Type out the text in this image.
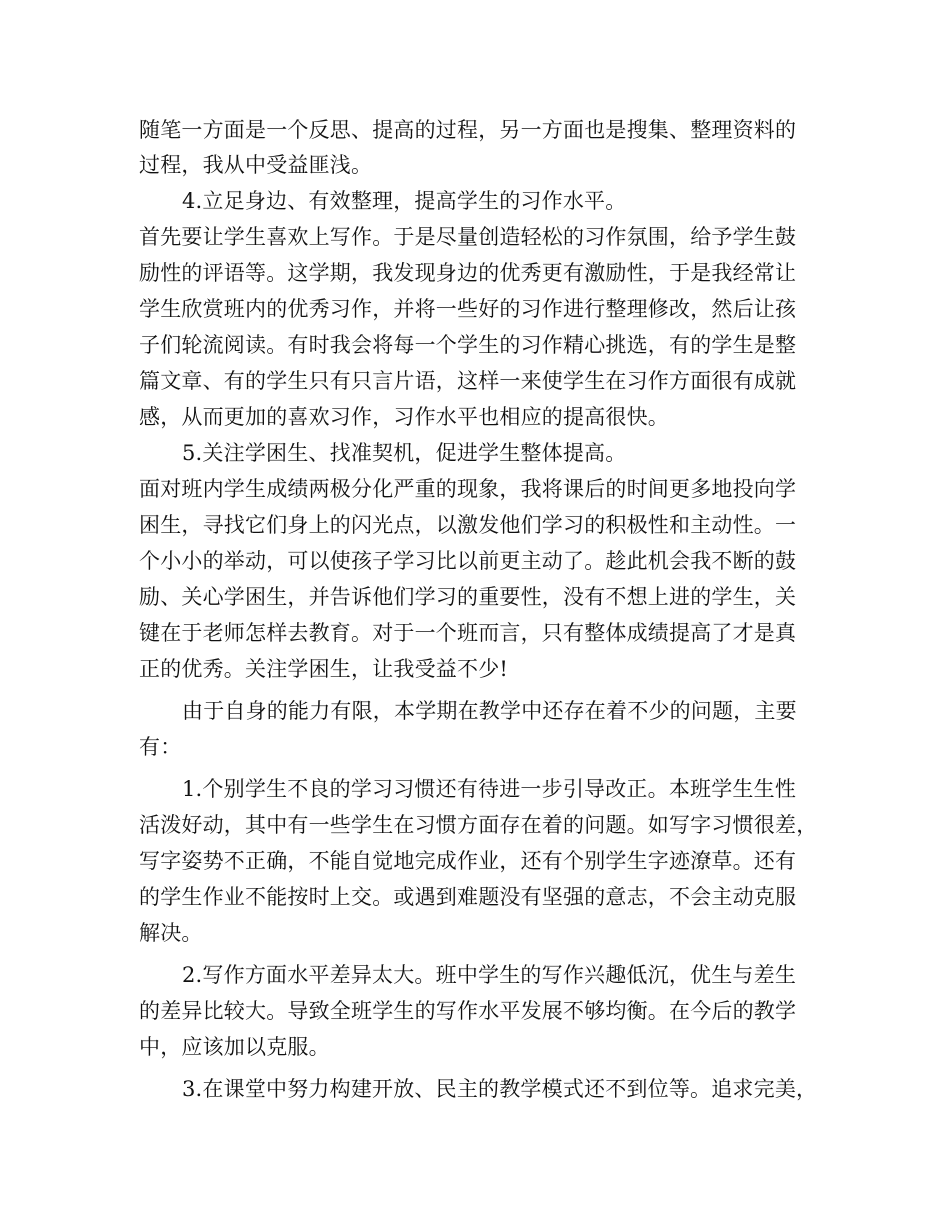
随笔一方面是一个反思、提高的过程，另一方面也是搜集、整理资料的
过程，我从中受益匪浅。
4.立足身边、有效整理，提高学生的习作水平。
首先要让学生喜欢上写作。于是尽量创造轻松的习作氛围，给予学生鼓
励性的评语等。这学期，我发现身边的优秀更有激励性，于是我经常让
学生欣赏班内的优秀习作，并将一些好的习作进行整理修改，然后让孩
子们轮流阅读。有时我会将每一个学生的习作精心挑选，有的学生是整
篇文章、有的学生只有只言片语，这样一来使学生在习作方面很有成就
感，从而更加的喜欢习作，习作水平也相应的提高很快。
5.关注学困生、找准契机，促进学生整体提高。
面对班内学生成绩两极分化严重的现象，我将课后的时间更多地投向学
困生，寻找它们身上的闪光点，以激发他们学习的积极性和主动性。一
个小小的举动，可以使孩子学习比以前更主动了。趁此机会我不断的鼓
励、关心学困生，并告诉他们学习的重要性，没有不想上进的学生，关
键在于老师怎样去教育。对于一个班而言，只有整体成绩提高了才是真
正的优秀。关注学困生，让我受益不少!
由于自身的能力有限，本学期在教学中还存在着不少的问题，主要
有：
1.个别学生不良的学习习惯还有待进一步引导改正。本班学生生性
活泼好动，其中有一些学生在习惯方面存在着的问题。如写字习惯很差，
写字姿势不正确，不能自觉地完成作业，还有个别学生字迹潦草。还有
的学生作业不能按时上交。或遇到难题没有坚强的意志，不会主动克服
解决。
2.写作方面水平差异太大。班中学生的写作兴趣低沉，优生与差生
的差异比较大。导致全班学生的写作水平发展不够均衡。在今后的教学
中，应该加以克服。
3.在课堂中努力构建开放、民主的教学模式还不到位等。追求完美，
